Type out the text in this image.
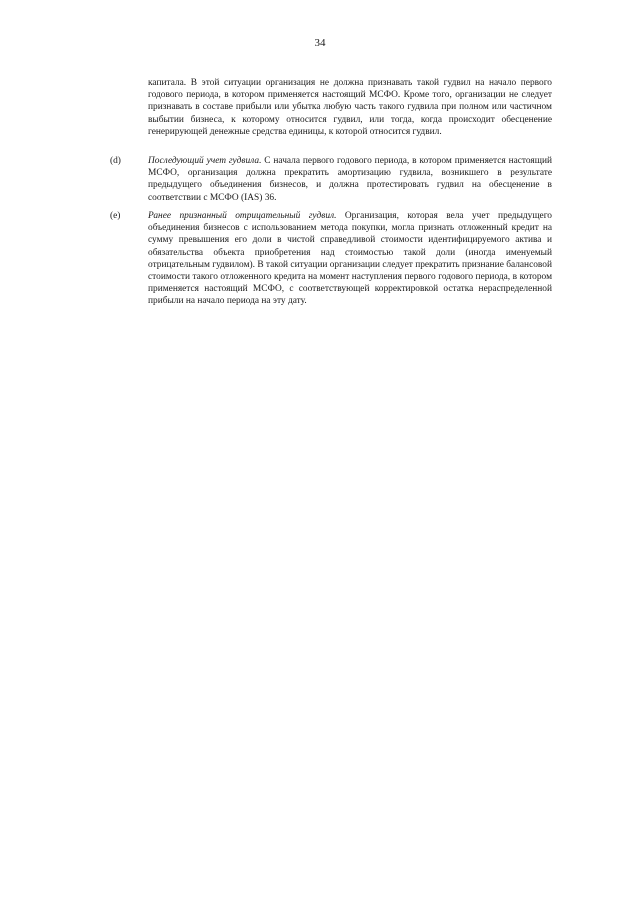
34
капитала. В этой ситуации организация не должна признавать такой гудвил на начало первого годового периода, в котором применяется настоящий МСФО. Кроме того, организации не следует признавать в составе прибыли или убытка любую часть такого гудвила при полном или частичном выбытии бизнеса, к которому относится гудвил, или тогда, когда происходит обесценение генерирующей денежные средства единицы, к которой относится гудвил.
(d)	Последующий учет гудвила. С начала первого годового периода, в котором применяется настоящий МСФО, организация должна прекратить амортизацию гудвила, возникшего в результате предыдущего объединения бизнесов, и должна протестировать гудвил на обесценение в соответствии с МСФО (IAS) 36.
(e)	Ранее признанный отрицательный гудвил. Организация, которая вела учет предыдущего объединения бизнесов с использованием метода покупки, могла признать отложенный кредит на сумму превышения его доли в чистой справедливой стоимости идентифицируемого актива и обязательства объекта приобретения над стоимостью такой доли (иногда именуемый отрицательным гудвилом). В такой ситуации организации следует прекратить признание балансовой стоимости такого отложенного кредита на момент наступления первого годового периода, в котором применяется настоящий МСФО, с соответствующей корректировкой остатка нераспределенной прибыли на начало периода на эту дату.
